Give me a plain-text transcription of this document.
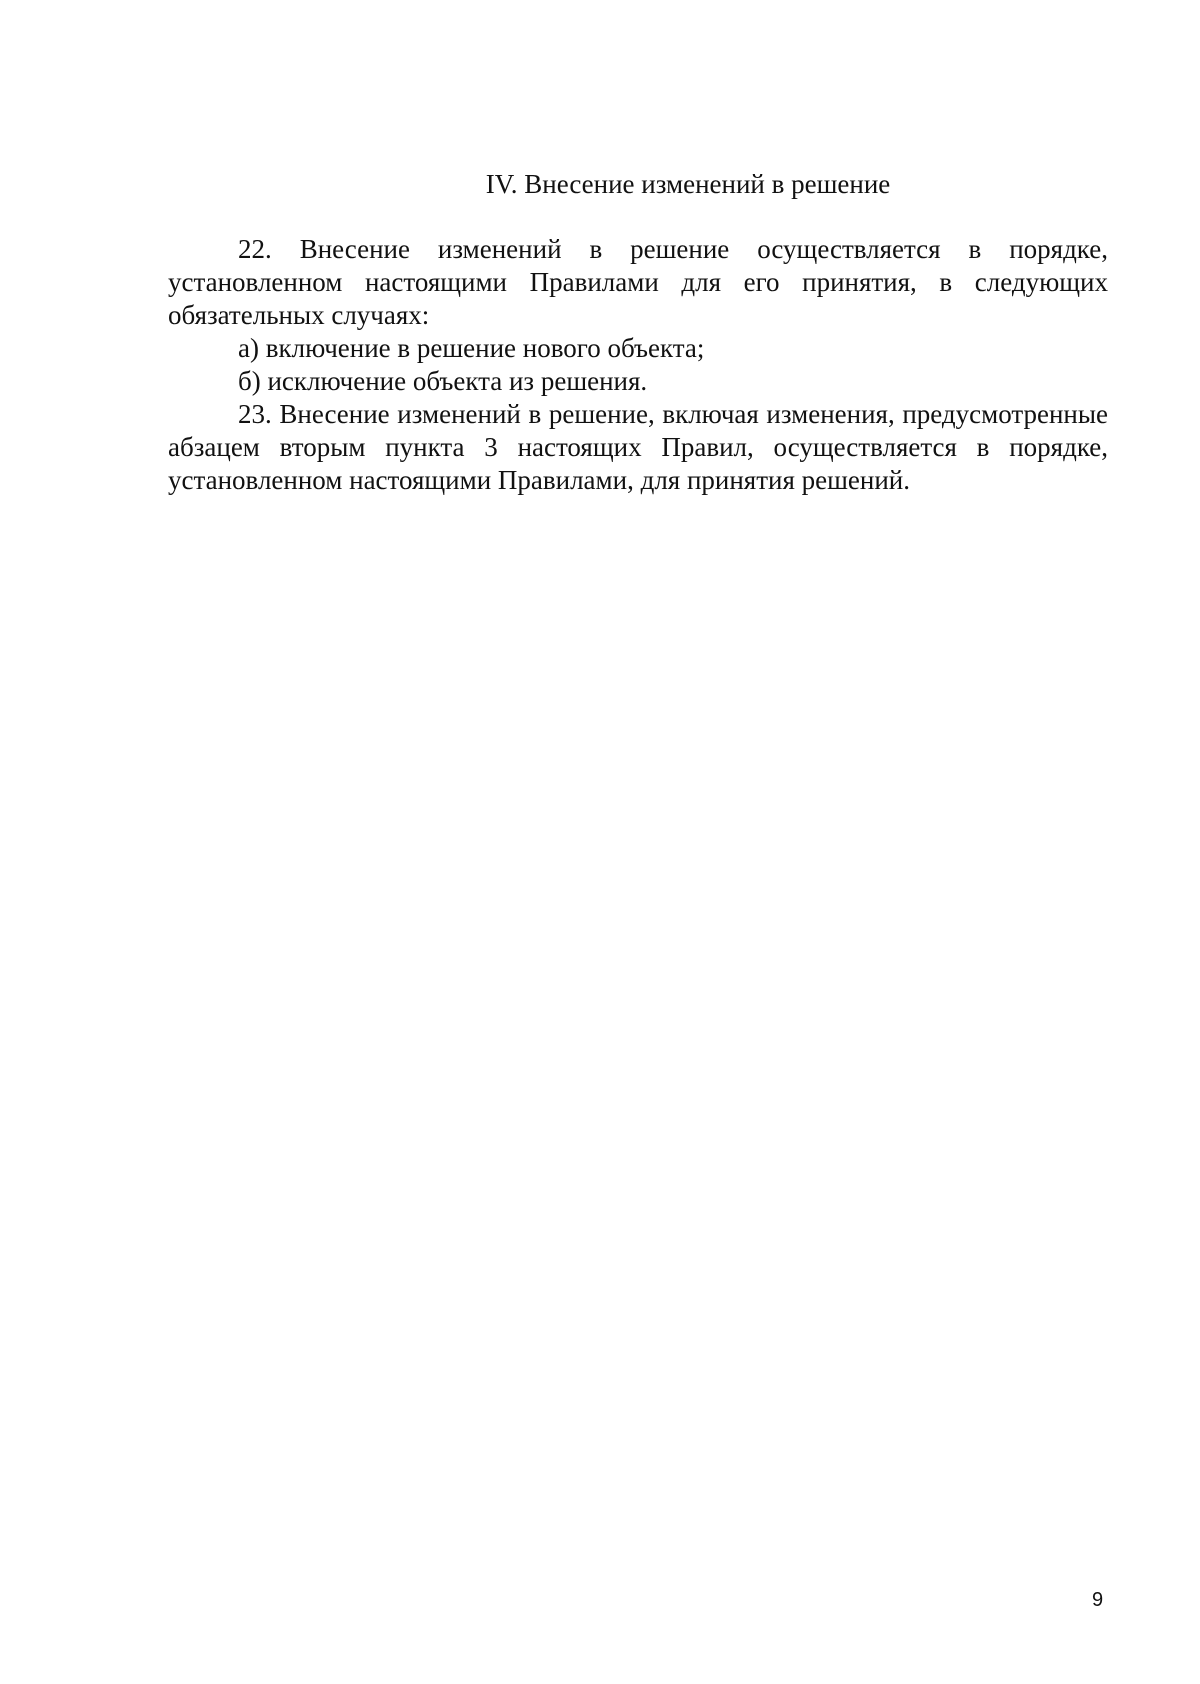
IV. Внесение изменений в решение

22. Внесение изменений в решение осуществляется в порядке, установленном настоящими Правилами для его принятия, в следующих обязательных случаях:

а) включение в решение нового объекта;

б) исключение объекта из решения.

23. Внесение изменений в решение, включая изменения, предусмотренные абзацем вторым пункта 3 настоящих Правил, осуществляется в порядке, установленном настоящими Правилами, для принятия решений.

9
